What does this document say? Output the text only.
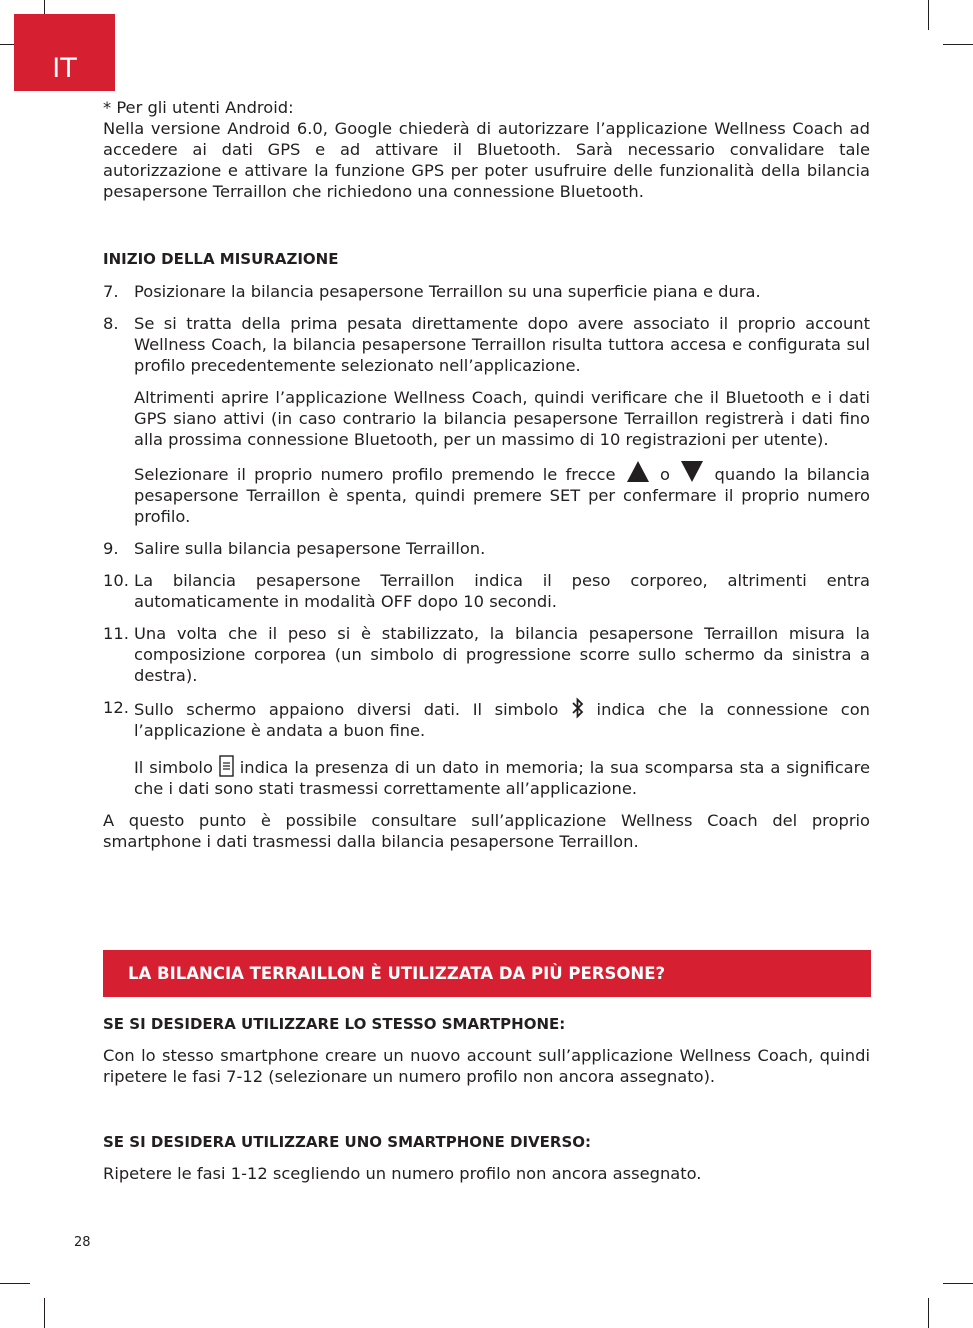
IT

* Per gli utenti Android:

Nella versione Android 6.0, Google chiederà di autorizzare l’applicazione Wellness Coach ad accedere ai dati GPS e ad attivare il Bluetooth. Sarà necessario convalidare tale autorizzazione e attivare la funzione GPS per poter usufruire delle funzionalità della bilancia pesapersone Terraillon che richiedono una connessione Bluetooth.

INIZIO DELLA MISURAZIONE

7. Posizionare la bilancia pesapersone Terraillon su una superficie piana e dura.

8. Se si tratta della prima pesata direttamente dopo avere associato il proprio account Wellness Coach, la bilancia pesapersone Terraillon risulta tuttora accesa e configurata sul profilo precedentemente selezionato nell’applicazione.

Altrimenti aprire l’applicazione Wellness Coach, quindi verificare che il Bluetooth e i dati GPS siano attivi (in caso contrario la bilancia pesapersone Terraillon registrerà i dati fino alla prossima connessione Bluetooth, per un massimo di 10 registrazioni per utente).

Selezionare il proprio numero profilo premendo le frecce	o	quando la bilancia pesapersone Terraillon è spenta, quindi premere SET per confermare il proprio numero profilo.

9. Salire sulla bilancia pesapersone Terraillon.

10. La bilancia pesapersone Terraillon indica il peso corporeo, altrimenti entra automaticamente in modalità OFF dopo 10 secondi.

11. Una volta che il peso si è stabilizzato, la bilancia pesapersone Terraillon misura la composizione corporea (un simbolo di progressione scorre sullo schermo da sinistra a destra).

12. Sullo schermo appaiono diversi dati. Il simbolo indica che la connessione con l’applicazione è andata a buon fine.

Il simbolo indica la presenza di un dato in memoria; la sua scomparsa sta a significare che i dati sono stati trasmessi correttamente all’applicazione.

A questo punto è possibile consultare sull’applicazione Wellness Coach del proprio smartphone i dati trasmessi dalla bilancia pesapersone Terraillon.

LA BILANCIA TERRAILLON È UTILIZZATA DA PIÙ PERSONE?

SE SI DESIDERA UTILIZZARE LO STESSO SMARTPHONE:

Con lo stesso smartphone creare un nuovo account sull’applicazione Wellness Coach, quindi ripetere le fasi 7-12 (selezionare un numero profilo non ancora assegnato).

SE SI DESIDERA UTILIZZARE UNO SMARTPHONE DIVERSO:

Ripetere le fasi 1-12 scegliendo un numero profilo non ancora assegnato.

28
